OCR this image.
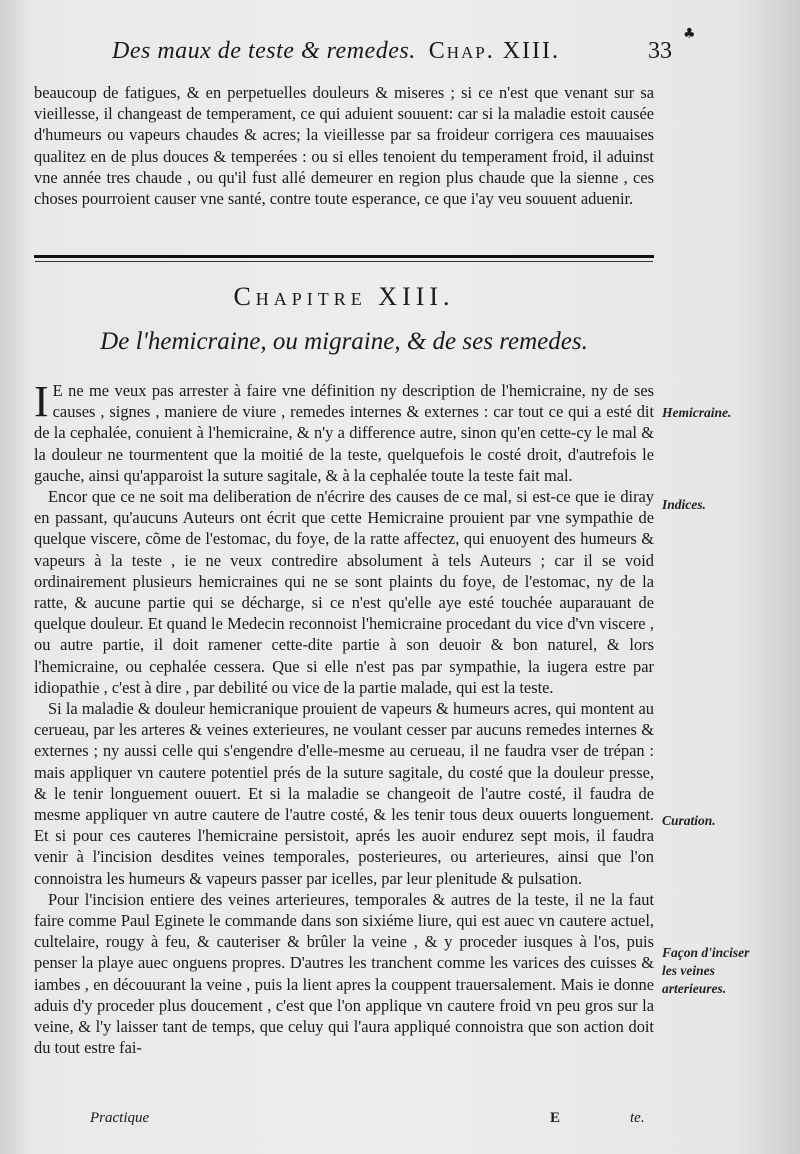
♣
Des maux de teste & remedes. Chap. XIII.	33

beaucoup de fatigues, & en perpetuelles douleurs & miseres ; si ce n'est que venant sur sa vieillesse, il changeast de temperament, ce qui aduient souuent: car si la maladie estoit causée d'humeurs ou vapeurs chaudes & acres; la vieillesse par sa froideur corrigera ces mauuaises qualitez en de plus douces & temperées : ou si elles tenoient du temperament froid, il aduinst vne année tres chaude , ou qu'il fust allé demeurer en region plus chaude que la sienne , ces choses pourroient causer vne santé, contre toute esperance, ce que i'ay veu souuent aduenir.

Chapitre XIII.
De l'hemicraine, ou migraine, & de ses remedes.

I E ne me veux pas arrester à faire vne définition ny description de l'hemicraine, ny de ses causes , signes , maniere de viure , remedes internes & externes : car tout ce qui a esté dit de la cephalée, conuient à l'hemicraine, & n'y a difference autre, sinon qu'en cette-cy le mal & la douleur ne tourmentent que la moitié de la teste, quelquefois le costé droit, d'autrefois le gauche, ainsi qu'apparoist la suture sagitale, & à la cephalée toute la teste fait mal.

Encor que ce ne soit ma deliberation de n'écrire des causes de ce mal, si est-ce que ie diray en passant, qu'aucuns Auteurs ont écrit que cette Hemicraine prouient par vne sympathie de quelque viscere, cõme de l'estomac, du foye, de la ratte affectez, qui enuoyent des humeurs & vapeurs à la teste , ie ne veux contredire absolument à tels Auteurs ; car il se void ordinairement plusieurs hemicraines qui ne se sont plaints du foye, de l'estomac, ny de la ratte, & aucune partie qui se décharge, si ce n'est qu'elle aye esté touchée auparauant de quelque douleur. Et quand le Medecin reconnoist l'hemicraine procedant du vice d'vn viscere , ou autre partie, il doit ramener cette-dite partie à son deuoir & bon naturel, & lors l'hemicraine, ou cephalée cessera. Que si elle n'est pas par sympathie, la iugera estre par idiopathie , c'est à dire , par debilité ou vice de la partie malade, qui est la teste.

Si la maladie & douleur hemicranique prouient de vapeurs & humeurs acres, qui montent au cerueau, par les arteres & veines exterieures, ne voulant cesser par aucuns remedes internes & externes ; ny aussi celle qui s'engendre d'elle-mesme au cerueau, il ne faudra vser de trépan : mais appliquer vn cautere potentiel prés de la suture sagitale, du costé que la douleur presse, & le tenir longuement ouuert. Et si la maladie se changeoit de l'autre costé, il faudra de mesme appliquer vn autre cautere de l'autre costé, & les tenir tous deux ouuerts longuement. Et si pour ces cauteres l'hemicraine persistoit, aprés les auoir endurez sept mois, il faudra venir à l'incision desdites veines temporales, posterieures, ou arterieures, ainsi que l'on connoistra les humeurs & vapeurs passer par icelles, par leur plenitude & pulsation.

Pour l'incision entiere des veines arterieures, temporales & autres de la teste, il ne la faut faire comme Paul Eginete le commande dans son sixiéme liure, qui est auec vn cautere actuel, cultelaire, rougy à feu, & cauteriser & brûler la veine , & y proceder iusques à l'os, puis penser la playe auec onguens propres. D'autres les tranchent comme les varices des cuisses & iambes , en découurant la veine , puis la lient apres la couppent trauersalement. Mais ie donne aduis d'y proceder plus doucement , c'est que l'on applique vn cautere froid vn peu gros sur la veine, & l'y laisser tant de temps, que celuy qui l'aura appliqué connoistra que son action doit du tout estre fai-

Hemicraine.
Indices.
Curation.
Façon d'inciser les veines arterieures.
Practique	E	te.
